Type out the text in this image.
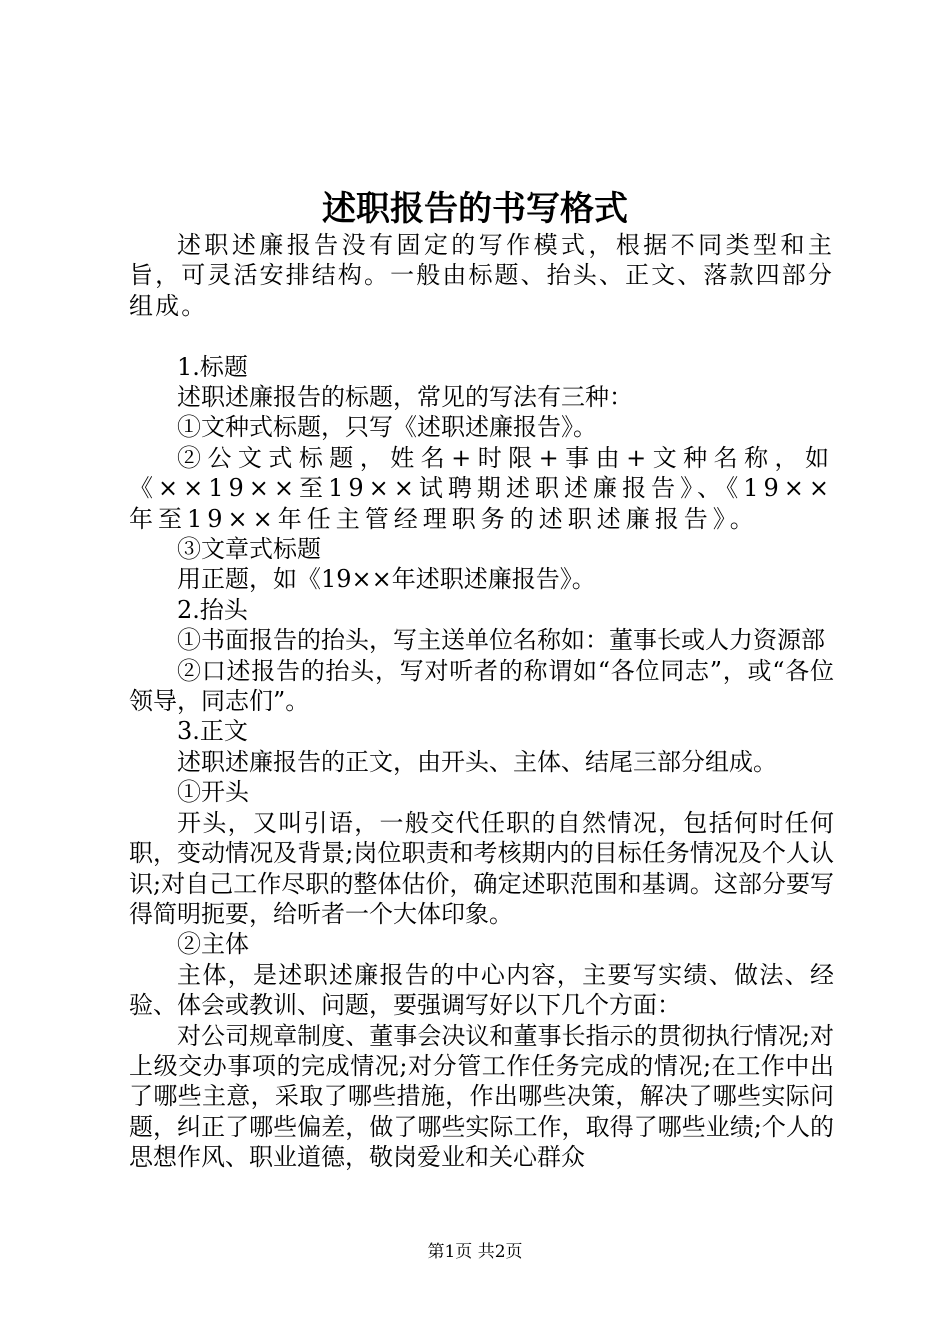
述职报告的书写格式

述职述廉报告没有固定的写作模式，根据不同类型和主旨，可灵活安排结构。一般由标题、抬头、正文、落款四部分组成。

1.标题

述职述廉报告的标题，常见的写法有三种：

①文种式标题，只写《述职述廉报告》。

②公文式标题，姓名+时限+事由+文种名称，如《××19××至19××试聘期述职述廉报告》、《19××年至19××年任主管经理职务的述职述廉报告》。

③文章式标题

用正题，如《19××年述职述廉报告》。

2.抬头

①书面报告的抬头，写主送单位名称如：董事长或人力资源部

②口述报告的抬头，写对听者的称谓如“各位同志”，或“各位领导，同志们”。

3.正文

述职述廉报告的正文，由开头、主体、结尾三部分组成。

①开头

开头，又叫引语，一般交代任职的自然情况，包括何时任何职，变动情况及背景;岗位职责和考核期内的目标任务情况及个人认识;对自己工作尽职的整体估价，确定述职范围和基调。这部分要写得简明扼要，给听者一个大体印象。

②主体

主体，是述职述廉报告的中心内容，主要写实绩、做法、经验、体会或教训、问题，要强调写好以下几个方面：

对公司规章制度、董事会决议和董事长指示的贯彻执行情况;对上级交办事项的完成情况;对分管工作任务完成的情况;在工作中出了哪些主意，采取了哪些措施，作出哪些决策，解决了哪些实际问题，纠正了哪些偏差，做了哪些实际工作，取得了哪些业绩;个人的思想作风、职业道德，敬岗爱业和关心群众

第1页 共2页
